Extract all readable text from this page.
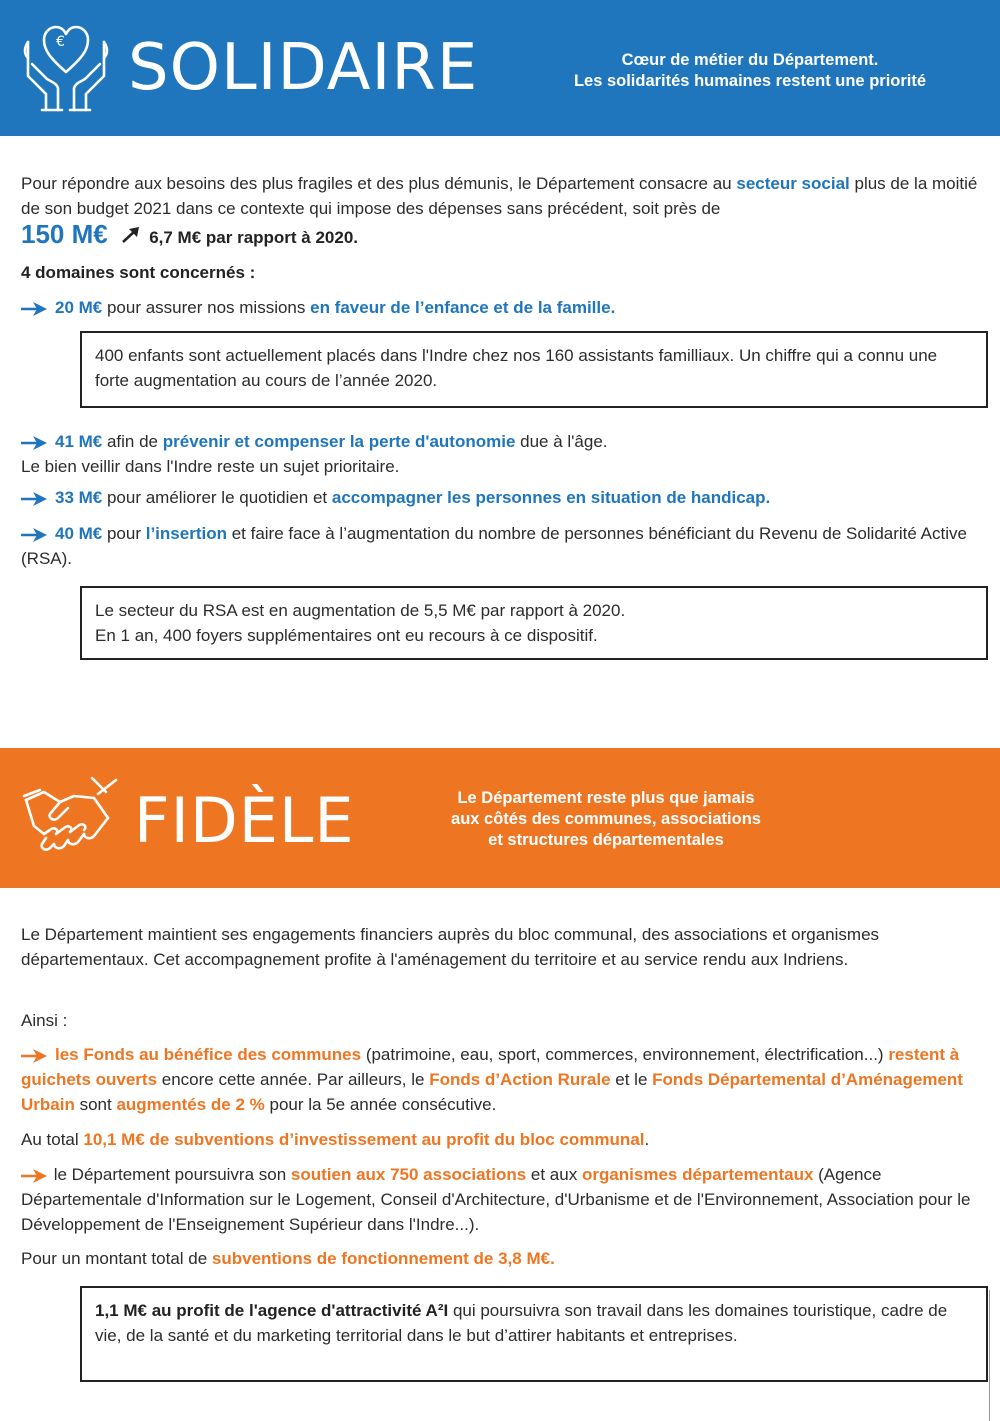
€ SOLIDAIRE	Cœur de métier du Département.
Les solidarités humaines restent une priorité
Pour répondre aux besoins des plus fragiles et des plus démunis, le Département consacre au secteur social plus de la moitié de son budget 2021 dans ce contexte qui impose des dépenses sans précédent, soit près de
150 M€ 6,7 M€ par rapport à 2020.
4 domaines sont concernés :
20 M€ pour assurer nos missions en faveur de l’enfance et de la famille.
400 enfants sont actuellement placés dans l'Indre chez nos 160 assistants familliaux. Un chiffre qui a connu une forte augmentation au cours de l’année 2020.
41 M€ afin de prévenir et compenser la perte d'autonomie due à l'âge.
Le bien veillir dans l'Indre reste un sujet prioritaire.
33 M€ pour améliorer le quotidien et accompagner les personnes en situation de handicap.
40 M€ pour l’insertion et faire face à l’augmentation du nombre de personnes bénéficiant du Revenu de Solidarité Active (RSA).
Le secteur du RSA est en augmentation de 5,5 M€ par rapport à 2020.
En 1 an, 400 foyers supplémentaires ont eu recours à ce dispositif.
FIDÈLE	Le Département reste plus que jamais
aux côtés des communes, associations
et structures départementales
Le Département maintient ses engagements financiers auprès du bloc communal, des associations et organismes départementaux. Cet accompagnement profite à l'aménagement du territoire et au service rendu aux Indriens.
Ainsi :
les Fonds au bénéfice des communes (patrimoine, eau, sport, commerces, environnement, électrification...) restent à guichets ouverts encore cette année. Par ailleurs, le Fonds d’Action Rurale et le Fonds Départemental d’Aménagement Urbain sont augmentés de 2 % pour la 5e année consécutive.
Au total 10,1 M€ de subventions d’investissement au profit du bloc communal.
le Département poursuivra son soutien aux 750 associations et aux organismes départementaux (Agence Départementale d'Information sur le Logement, Conseil d'Architecture, d'Urbanisme et de l'Environnement, Association pour le Développement de l'Enseignement Supérieur dans l'Indre...).
Pour un montant total de subventions de fonctionnement de 3,8 M€.
1,1 M€ au profit de l'agence d'attractivité A²I qui poursuivra son travail dans les domaines touristique, cadre de vie, de la santé et du marketing territorial dans le but d’attirer habitants et entreprises.
